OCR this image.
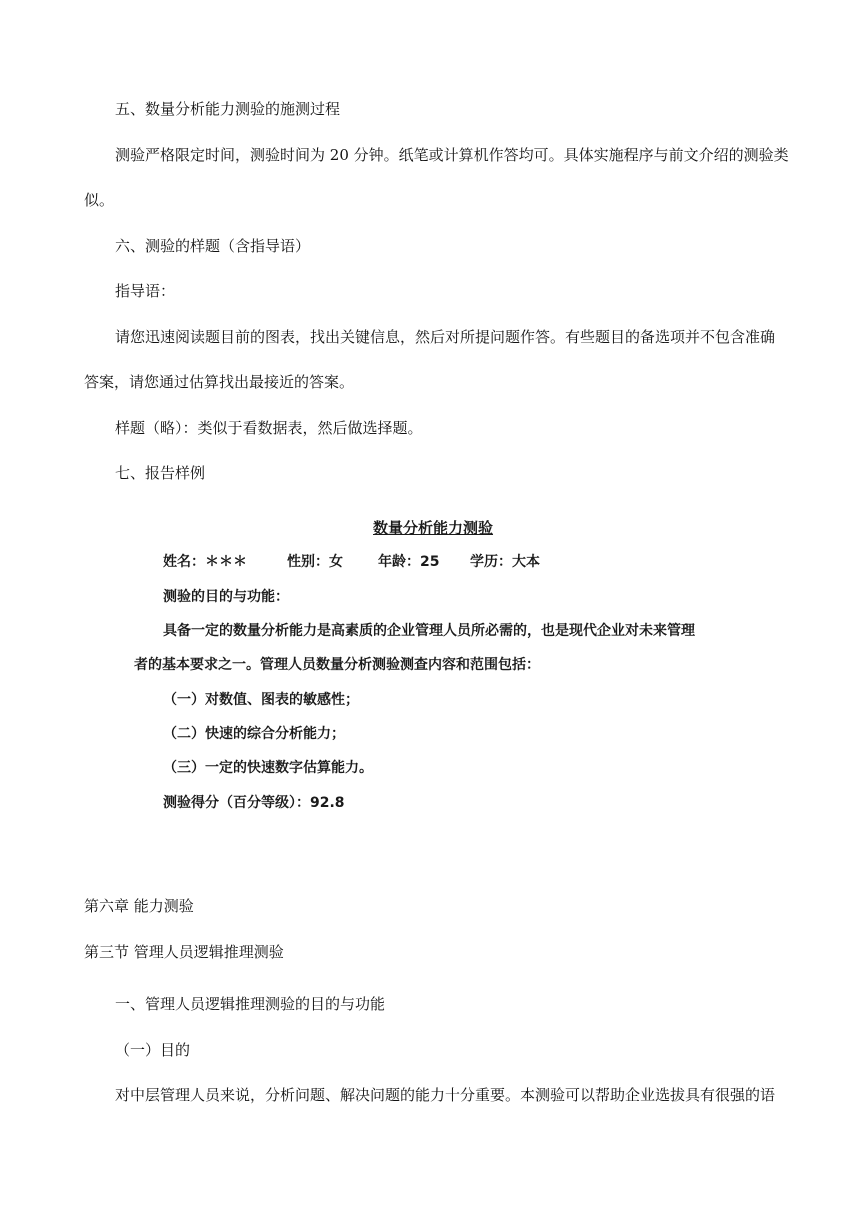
五、数量分析能力测验的施测过程
测验严格限定时间，测验时间为 20 分钟。纸笔或计算机作答均可。具体实施程序与前文介绍的测验类
似。
六、测验的样题（含指导语）
指导语：
请您迅速阅读题目前的图表，找出关键信息，然后对所提问题作答。有些题目的备选项并不包含准确
答案，请您通过估算找出最接近的答案。
样题（略）：类似于看数据表，然后做选择题。
七、报告样例
数量分析能力测验
姓名：＊＊＊	性别：女	年龄：25 学历：大本
测验的目的与功能：
具备一定的数量分析能力是高素质的企业管理人员所必需的，也是现代企业对未来管理
者的基本要求之一。管理人员数量分析测验测查内容和范围包括：
（一）对数值、图表的敏感性；
（二）快速的综合分析能力；
（三）一定的快速数字估算能力。
测验得分（百分等级）：92.8
第六章 能力测验
第三节 管理人员逻辑推理测验
一、管理人员逻辑推理测验的目的与功能
（一）目的
对中层管理人员来说，分析问题、解决问题的能力十分重要。本测验可以帮助企业选拔具有很强的语
